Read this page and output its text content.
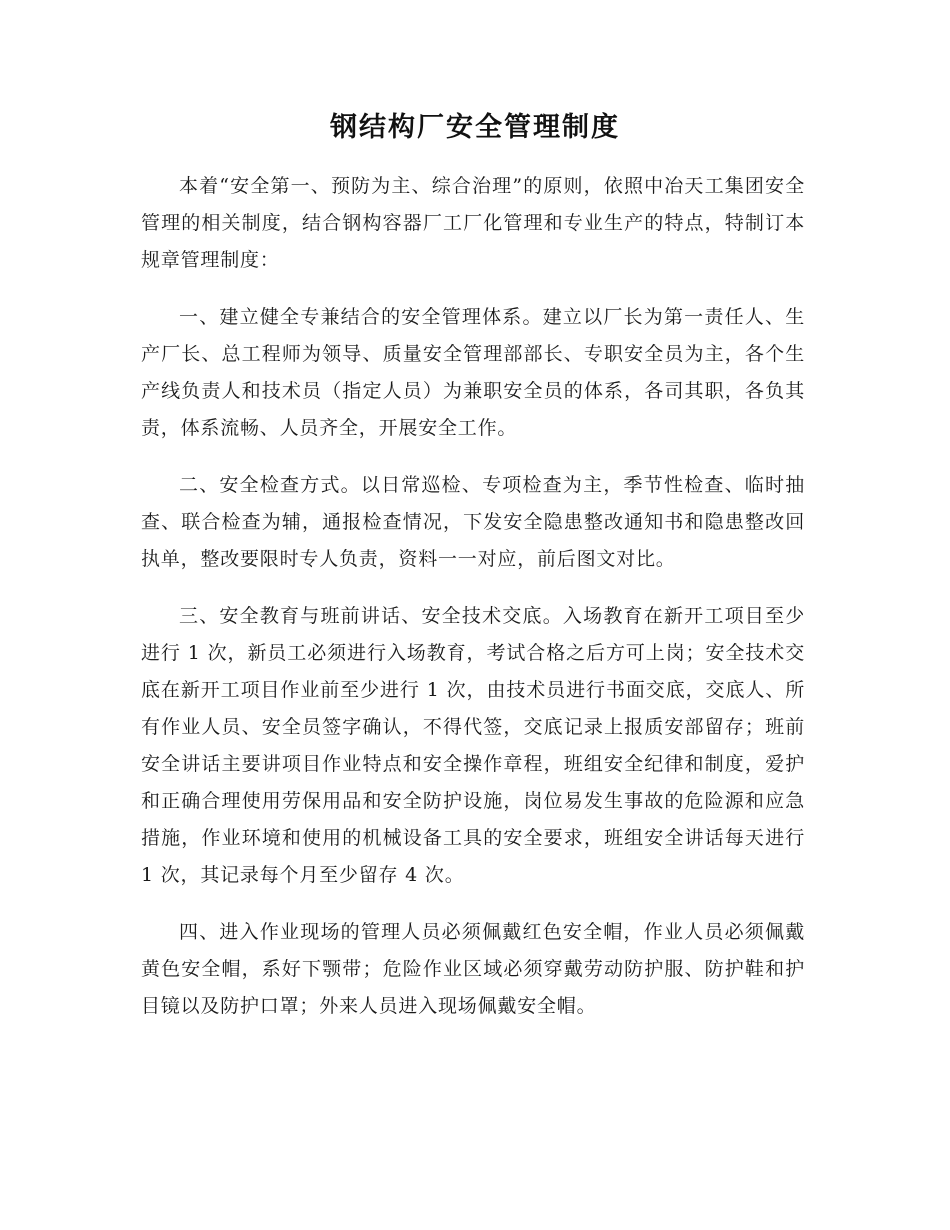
钢结构厂安全管理制度

本着“安全第一、预防为主、综合治理”的原则，依照中冶天工集团安全管理的相关制度，结合钢构容器厂工厂化管理和专业生产的特点，特制订本规章管理制度：

一、建立健全专兼结合的安全管理体系。建立以厂长为第一责任人、生产厂长、总工程师为领导、质量安全管理部部长、专职安全员为主，各个生产线负责人和技术员（指定人员）为兼职安全员的体系，各司其职，各负其责，体系流畅、人员齐全，开展安全工作。

二、安全检查方式。以日常巡检、专项检查为主，季节性检查、临时抽查、联合检查为辅，通报检查情况，下发安全隐患整改通知书和隐患整改回执单，整改要限时专人负责，资料一一对应，前后图文对比。

三、安全教育与班前讲话、安全技术交底。入场教育在新开工项目至少进行 1 次，新员工必须进行入场教育，考试合格之后方可上岗；安全技术交底在新开工项目作业前至少进行 1 次，由技术员进行书面交底，交底人、所有作业人员、安全员签字确认，不得代签，交底记录上报质安部留存；班前安全讲话主要讲项目作业特点和安全操作章程，班组安全纪律和制度，爱护和正确合理使用劳保用品和安全防护设施，岗位易发生事故的危险源和应急措施，作业环境和使用的机械设备工具的安全要求，班组安全讲话每天进行 1 次，其记录每个月至少留存 4 次。

四、进入作业现场的管理人员必须佩戴红色安全帽，作业人员必须佩戴黄色安全帽，系好下颚带；危险作业区域必须穿戴劳动防护服、防护鞋和护目镜以及防护口罩；外来人员进入现场佩戴安全帽。
